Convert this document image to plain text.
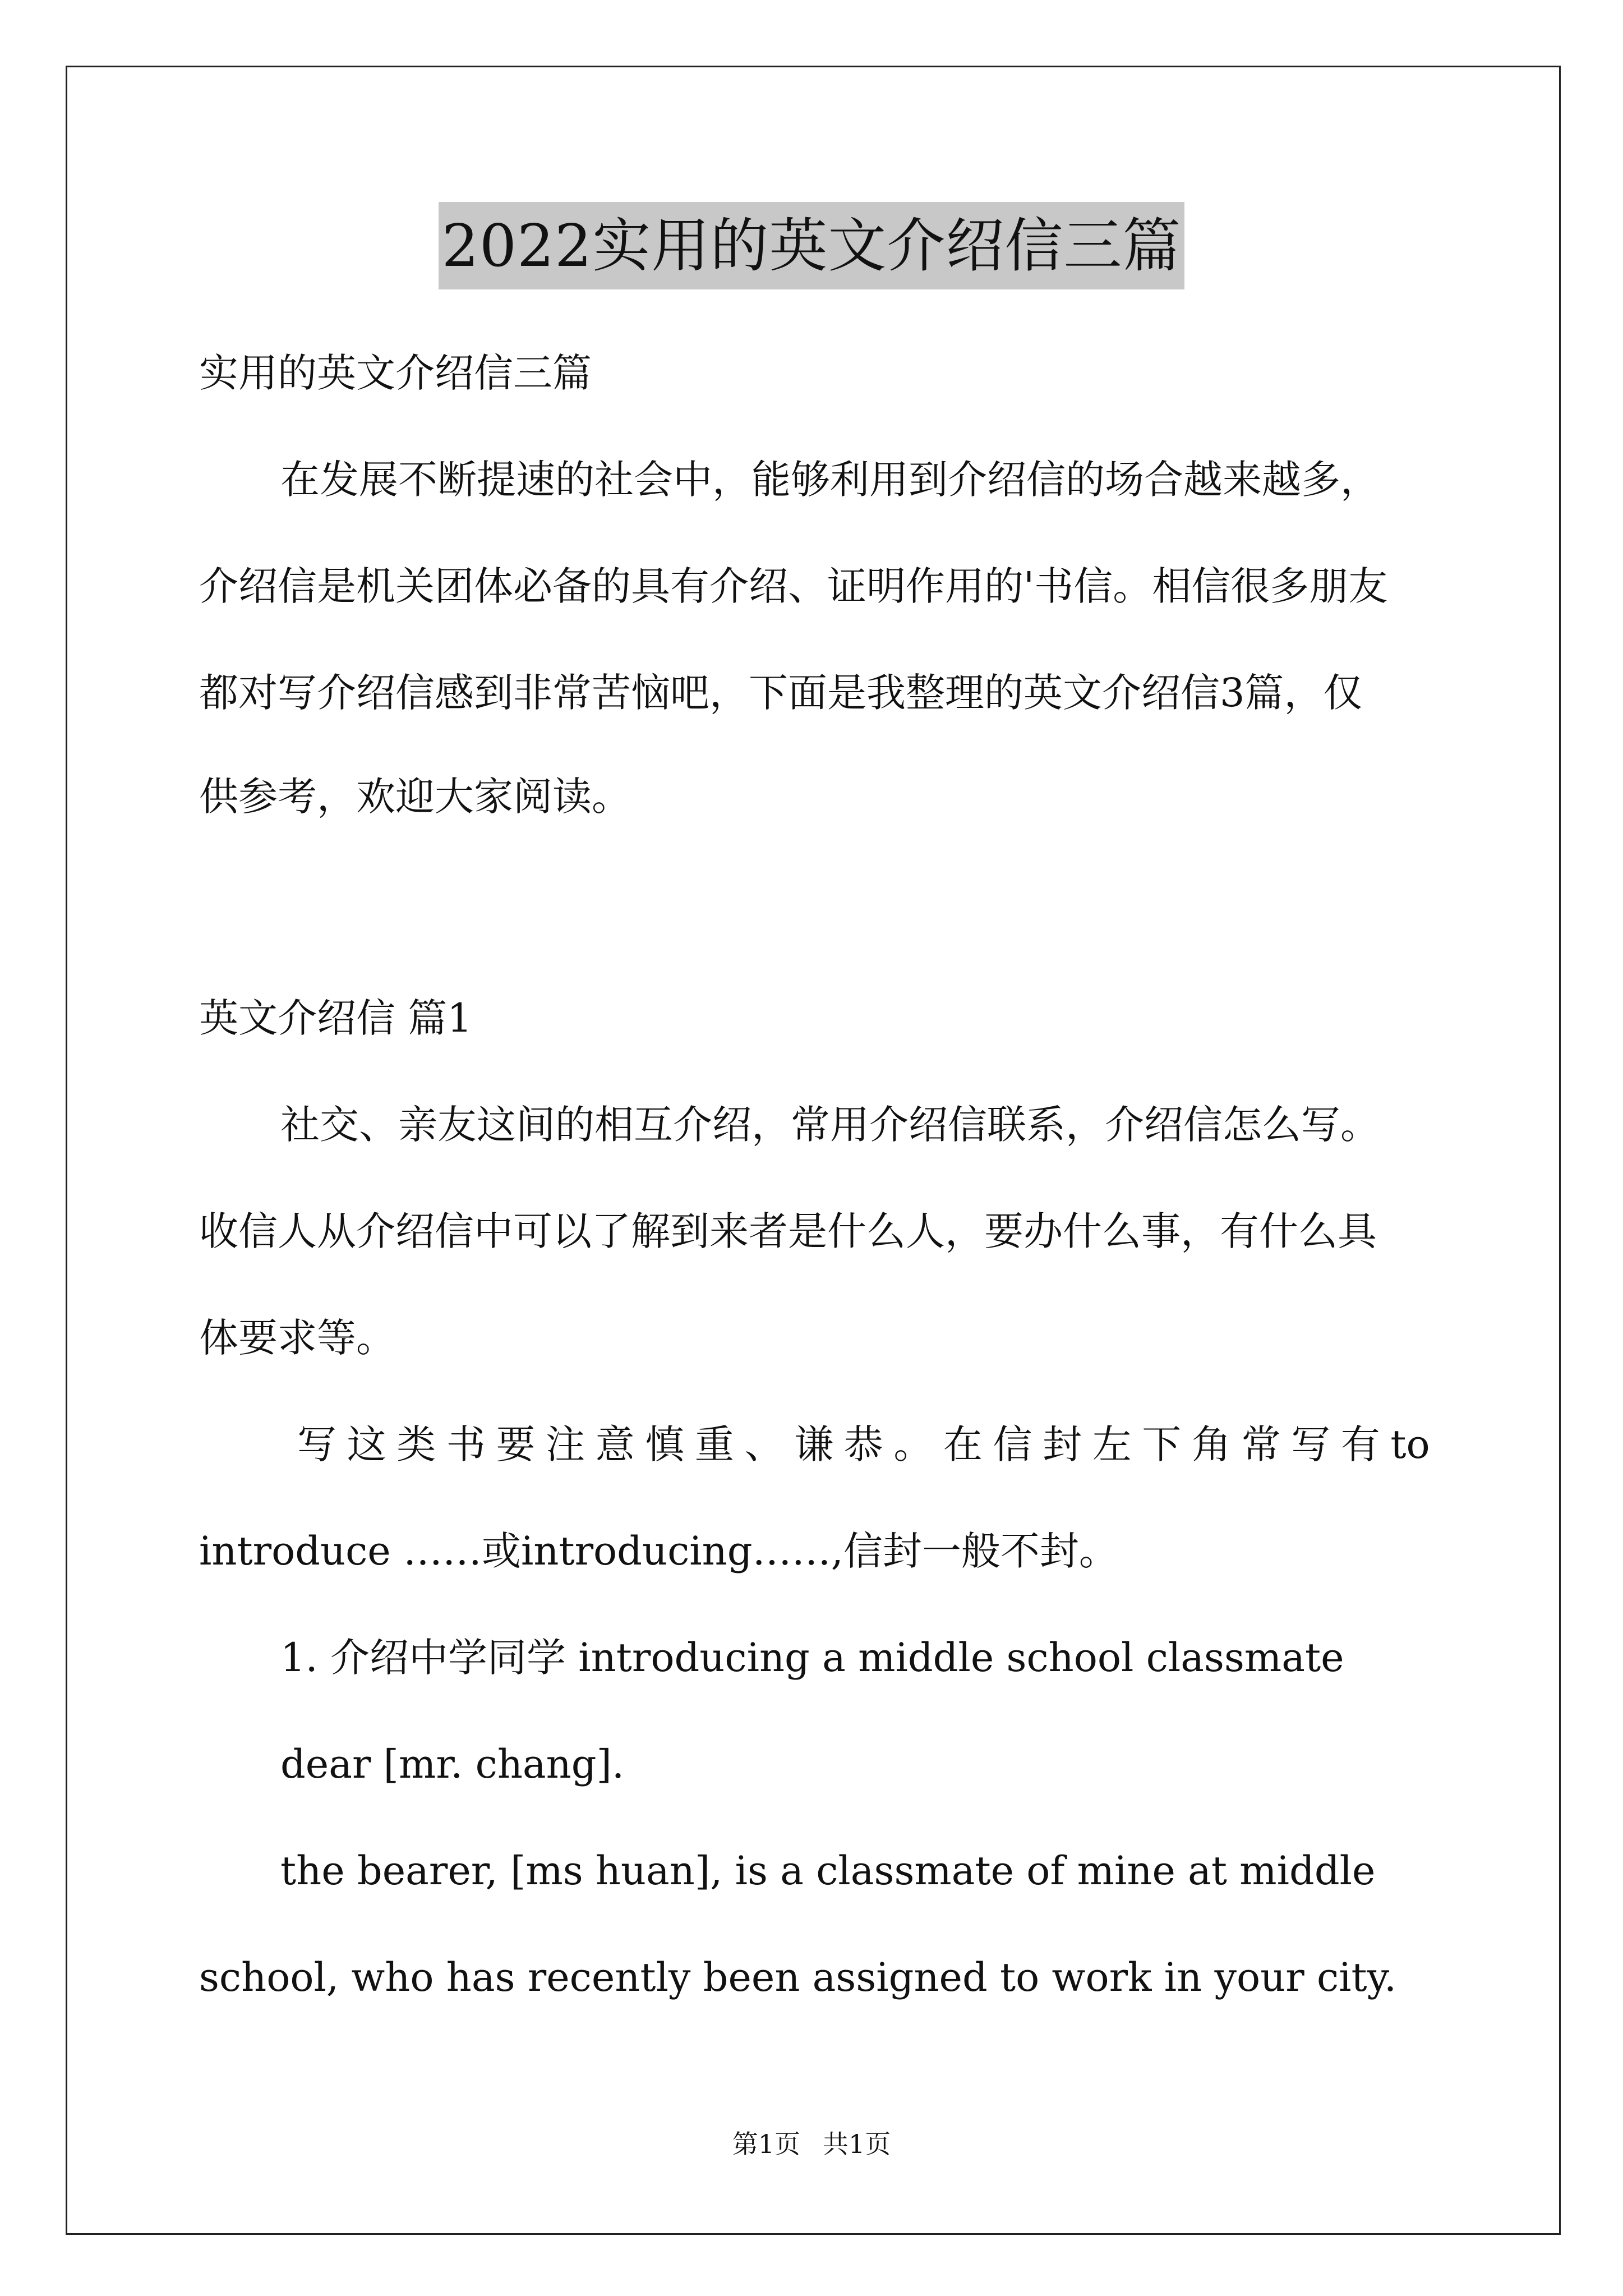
2022实用的英文介绍信三篇
实用的英文介绍信三篇
在发展不断提速的社会中，能够利用到介绍信的场合越来越多，
介绍信是机关团体必备的具有介绍、证明作用的'书信。相信很多朋友
都对写介绍信感到非常苦恼吧，下面是我整理的英文介绍信3篇，仅
供参考，欢迎大家阅读。
英文介绍信 篇1
社交、亲友这间的相互介绍，常用介绍信联系，介绍信怎么写。
收信人从介绍信中可以了解到来者是什么人，要办什么事，有什么具
体要求等。
写 这 类 书 要 注 意 慎 重 、 谦 恭 。 在 信 封 左 下 角 常 写 有 to
introduce ……或introducing……,信封一般不封。
1. 介绍中学同学 introducing a middle school classmate
dear [mr. chang].
the bearer, [ms huan], is a classmate of mine at middle
school, who has recently been assigned to work in your city.
第1页 共1页
